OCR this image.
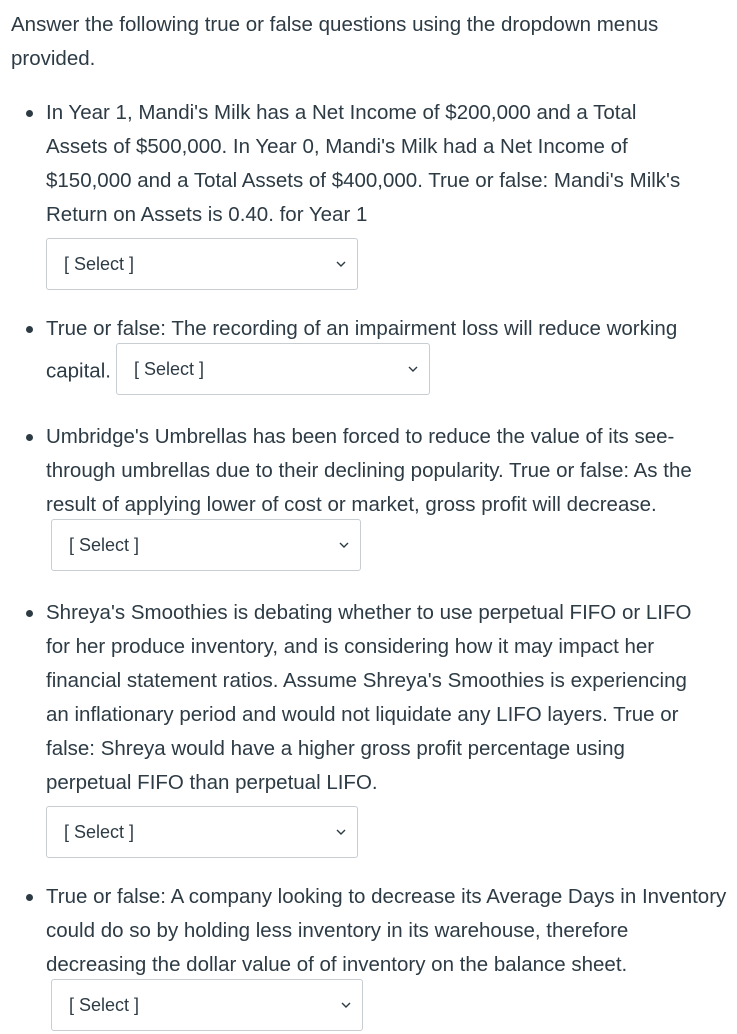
Answer the following true or false questions using the dropdown menus provided.

In Year 1, Mandi's Milk has a Net Income of $200,000 and a Total Assets of $500,000. In Year 0, Mandi's Milk had a Net Income of $150,000 and a Total Assets of $400,000. True or false: Mandi's Milk's Return on Assets is 0.40. for Year 1
[ Select ]
True or false: The recording of an impairment loss will reduce working capital. [ Select ]
Umbridge's Umbrellas has been forced to reduce the value of its see-through umbrellas due to their declining popularity. True or false: As the result of applying lower of cost or market, gross profit will decrease.
[ Select ]
Shreya's Smoothies is debating whether to use perpetual FIFO or LIFO for her produce inventory, and is considering how it may impact her financial statement ratios. Assume Shreya's Smoothies is experiencing an inflationary period and would not liquidate any LIFO layers. True or false: Shreya would have a higher gross profit percentage using perpetual FIFO than perpetual LIFO.
[ Select ]
True or false: A company looking to decrease its Average Days in Inventory could do so by holding less inventory in its warehouse, therefore decreasing the dollar value of of inventory on the balance sheet.
[ Select ]
